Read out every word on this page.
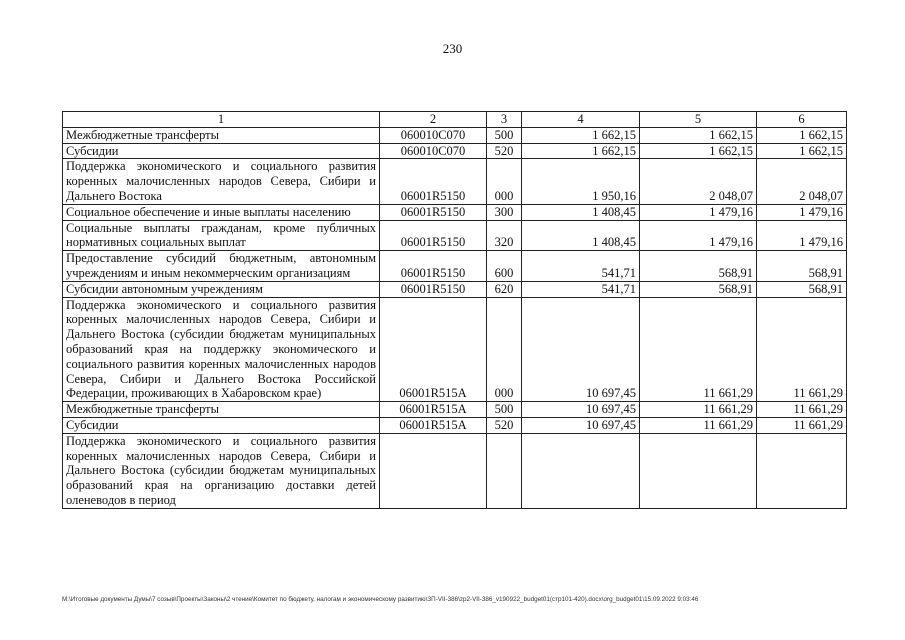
230
1	2	3	4	5	6
Межбюджетные трансферты	060010C070	500	1 662,15	1 662,15	1 662,15
Субсидии	060010C070	520	1 662,15	1 662,15	1 662,15
Поддержка экономического и социального развития коренных малочисленных народов Севера, Сибири и Дальнего Востока	06001R5150	000	1 950,16	2 048,07	2 048,07
Социальное обеспечение и иные выплаты населению	06001R5150	300	1 408,45	1 479,16	1 479,16
Социальные выплаты гражданам, кроме публичных нормативных социальных выплат	06001R5150	320	1 408,45	1 479,16	1 479,16
Предоставление субсидий бюджетным, автономным учреждениям и иным некоммерческим организациям	06001R5150	600	541,71	568,91	568,91
Субсидии автономным учреждениям	06001R5150	620	541,71	568,91	568,91
Поддержка экономического и социального развития коренных малочисленных народов Севера, Сибири и Дальнего Востока (субсидии бюджетам муниципальных образований края на поддержку экономического и социального развития коренных малочисленных народов Севера, Сибири и Дальнего Востока Российской Федерации, проживающих в Хабаровском крае)	06001R515A	000	10 697,45	11 661,29	11 661,29
Межбюджетные трансферты	06001R515A	500	10 697,45	11 661,29	11 661,29
Субсидии	06001R515A	520	10 697,45	11 661,29	11 661,29
Поддержка экономического и социального развития коренных малочисленных народов Севера, Сибири и Дальнего Востока (субсидии бюджетам муниципальных образований края на организацию доставки детей оленеводов в период					
M:\Итоговые документы Думы\7 созыв\Проекты\Законы\2 чтение\Комитет по бюджету, налогам и экономическому развитию\ЗП-VII-386\zp2-VII-386_v190922_budget01(стр101-420).docx\org_budget01\15.09.2022 9:03:46
